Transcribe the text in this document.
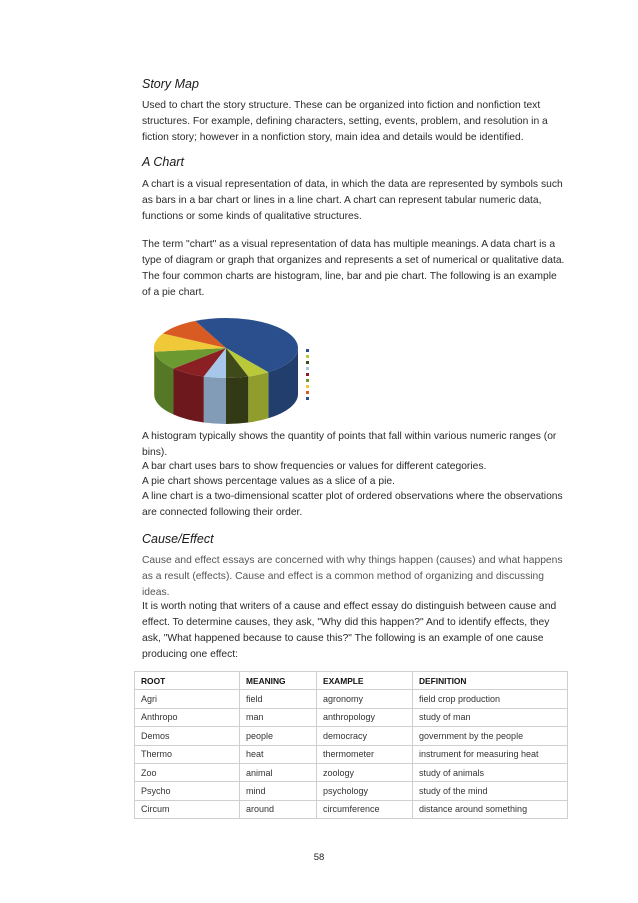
Story Map

Used to chart the story structure. These can be organized into fiction and nonfiction text structures. For example, defining characters, setting, events, problem, and resolution in a fiction story; however in a nonfiction story, main idea and details would be identified.

A Chart

A chart is a visual representation of data, in which the data are represented by symbols such as bars in a bar chart or lines in a line chart. A chart can represent tabular numeric data, functions or some kinds of qualitative structures.

The term "chart" as a visual representation of data has multiple meanings. A data chart is a type of diagram or graph that organizes and represents a set of numerical or qualitative data. The four common charts are histogram, line, bar and pie chart. The following is an example of a pie chart.

A histogram typically shows the quantity of points that fall within various numeric ranges (or bins).

A bar chart uses bars to show frequencies or values for different categories.

A pie chart shows percentage values as a slice of a pie.

A line chart is a two-dimensional scatter plot of ordered observations where the observations are connected following their order.

Cause/Effect

Cause and effect essays are concerned with why things happen (causes) and what happens as a result (effects). Cause and effect is a common method of organizing and discussing ideas.

It is worth noting that writers of a cause and effect essay do distinguish between cause and effect. To determine causes, they ask, "Why did this happen?" And to identify effects, they ask, "What happened because to cause this?" The following is an example of one cause producing one effect:

ROOT	MEANING	EXAMPLE	DEFINITION
Agri	field	agronomy	field crop production
Anthropo	man	anthropology	study of man
Demos	people	democracy	government by the people
Thermo	heat	thermometer	instrument for measuring heat
Zoo	animal	zoology	study of animals
Psycho	mind	psychology	study of the mind
Circum	around	circumference	distance around something
58
